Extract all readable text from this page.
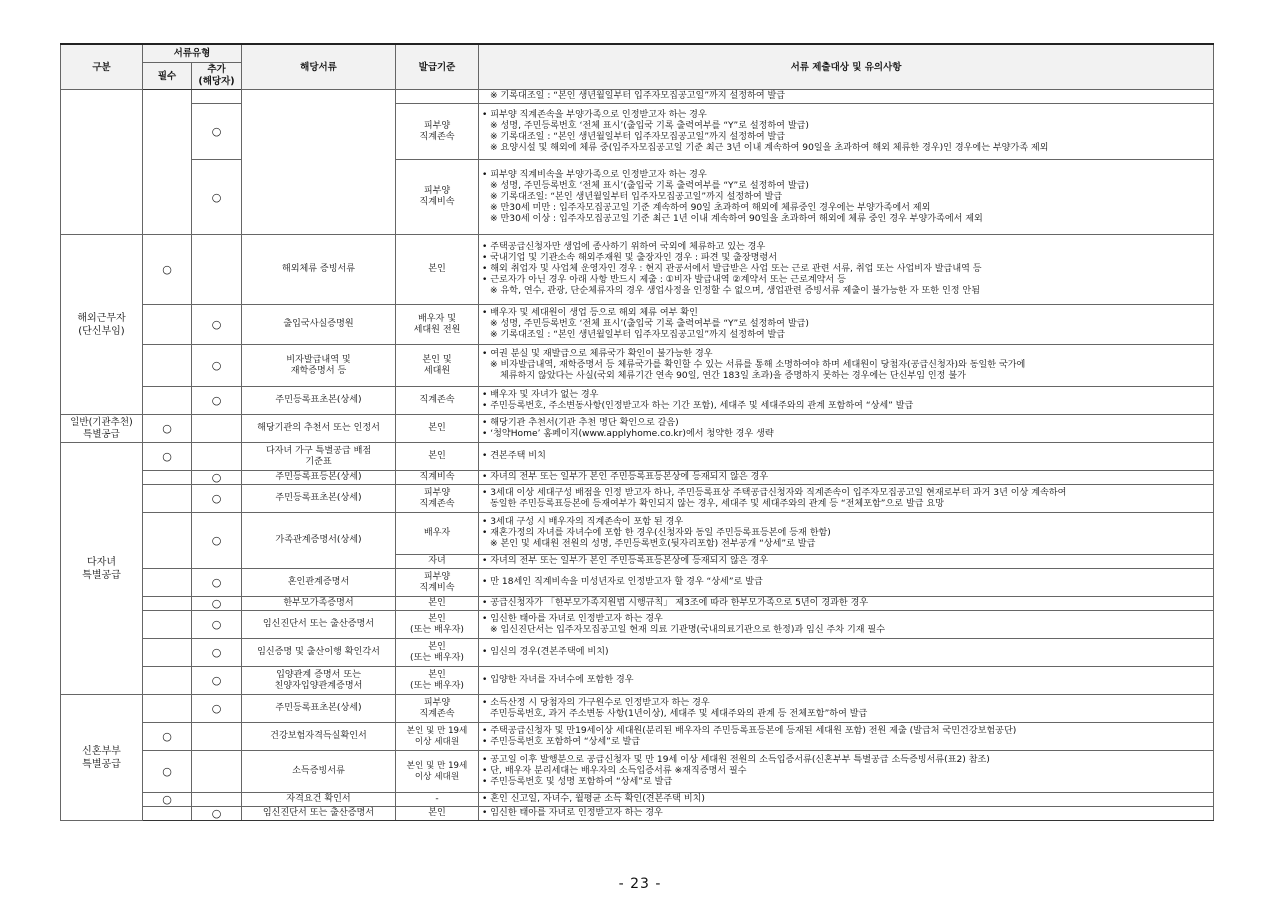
구분	서류유형		해당서류	발급기준	서류 제출대상 및 유의사항
	필수	추가
(해당자)			

					※ 기록대조일 : “본인 생년월일부터 입주자모집공고일”까지 설정하여 발급

		○		피부양
직계존속	• 피부양 직계존속을 부양가족으로 인정받고자 하는 경우
※ 성명, 주민등록번호 ‘전체 표시’(출입국 기록 출력여부를 “Y”로 설정하여 발급)
※ 기록대조일 : “본인 생년월일부터 입주자모집공고일”까지 설정하여 발급
※ 요양시설 및 해외에 체류 중(입주자모집공고일 기준 최근 3년 이내 계속하여 90일을 초과하여 해외 체류한 경우)인 경우에는 부양가족 제외

		○		피부양
직계비속	• 피부양 직계비속을 부양가족으로 인정받고자 하는 경우
※ 성명, 주민등록번호 ‘전체 표시’(출입국 기록 출력여부를 “Y”로 설정하여 발급)
※ 기록대조일: “본인 생년월일부터 입주자모집공고일”까지 설정하여 발급
※ 만30세 미만 : 입주자모집공고일 기준 계속하여 90일 초과하여 해외에 체류중인 경우에는 부양가족에서 제외
※ 만30세 이상 : 입주자모집공고일 기준 최근 1년 이내 계속하여 90일을 초과하여 해외에 체류 중인 경우 부양가족에서 제외

해외근무자
(단신부임)	○		해외체류 증빙서류	본인	• 주택공급신청자만 생업에 종사하기 위하여 국외에 체류하고 있는 경우
• 국내기업 및 기관소속 해외주재원 및 출장자인 경우 : 파견 및 출장명령서
• 해외 취업자 및 사업체 운영자인 경우 : 현지 관공서에서 발급받은 사업 또는 근로 관련 서류, 취업 또는 사업비자 발급내역 등
• 근로자가 아닌 경우 아래 사항 반드시 제출 : ①비자 발급내역 ②계약서 또는 근로계약서 등
※ 유학, 연수, 관광, 단순체류자의 경우 생업사정을 인정할 수 없으며, 생업관련 증빙서류 제출이 불가능한 자 또한 인정 안됨

		○	출입국사실증명원	배우자 및
세대원 전원	• 배우자 및 세대원이 생업 등으로 해외 체류 여부 확인
※ 성명, 주민등록번호 ‘전체 표시’(출입국 기록 출력여부를 “Y”로 설정하여 발급)
※ 기록대조일 : “본인 생년월일부터 입주자모집공고일”까지 설정하여 발급

		○	비자발급내역 및
재학증명서 등	본인 및
세대원	• 여권 분실 및 재발급으로 체류국가 확인이 불가능한 경우
※ 비자발급내역, 재학증명서 등 체류국가를 확인할 수 있는 서류를 통해 소명하여야 하며 세대원이 당첨자(공급신청자)와 동일한 국가에
체류하지 않았다는 사실(국외 체류기간 연속 90일, 연간 183일 초과)을 증명하지 못하는 경우에는 단신부임 인정 불가

		○	주민등록표초본(상세)	직계존속	• 배우자 및 자녀가 없는 경우
• 주민등록번호, 주소변동사항(인정받고자 하는 기간 포함), 세대주 및 세대주와의 관계 포함하여 “상세” 발급

일반(기관추천)
특별공급	○		해당기관의 추천서 또는 인정서	본인	• 해당기관 추천서(기관 추천 명단 확인으로 갈음)
• ‘청약Home’ 홈페이지(www.applyhome.co.kr)에서 청약한 경우 생략

다자녀
특별공급	○		다자녀 가구 특별공급 배점
기준표	본인	• 견본주택 비치

		○	주민등록표등본(상세)	직계비속	• 자녀의 전부 또는 일부가 본인 주민등록표등본상에 등재되지 않은 경우

		○	주민등록표초본(상세)	피부양
직계존속	• 3세대 이상 세대구성 배점을 인정 받고자 하나, 주민등록표상 주택공급신청자와 직계존속이 입주자모집공고일 현재로부터 과거 3년 이상 계속하여
동일한 주민등록표등본에 등재여부가 확인되지 않는 경우, 세대주 및 세대주와의 관계 등 “전체포함”으로 발급 요망

		○	가족관계증명서(상세)	배우자	• 3세대 구성 시 배우자의 직계존속이 포함 된 경우
• 재혼가정의 자녀를 자녀수에 포함 한 경우(신청자와 동일 주민등록표등본에 등재 한함)
※ 본인 및 세대원 전원의 성명, 주민등록번호(뒷자리포함) 전부공개 “상세”로 발급

				자녀	• 자녀의 전부 또는 일부가 본인 주민등록표등본상에 등재되지 않은 경우

		○	혼인관계증명서	피부양
직계비속	• 만 18세인 직계비속을 미성년자로 인정받고자 할 경우 “상세”로 발급

		○	한부모가족증명서	본인	• 공급신청자가 「한부모가족지원법 시행규칙」 제3조에 따라 한부모가족으로 5년이 경과한 경우

		○	임신진단서 또는 출산증명서	본인
(또는 배우자)	• 임신한 태아를 자녀로 인정받고자 하는 경우
※ 임신진단서는 입주자모집공고일 현재 의료 기관명(국내의료기관으로 한정)과 임신 주차 기재 필수

		○	임신증명 및 출산이행 확인각서	본인
(또는 배우자)	• 임신의 경우(견본주택에 비치)

		○	입양관계 증명서 또는
친양자입양관계증명서	본인
(또는 배우자)	• 입양한 자녀를 자녀수에 포함한 경우

신혼부부
특별공급		○	주민등록표초본(상세)	피부양
직계존속	• 소득산정 시 당첨자의 가구원수로 인정받고자 하는 경우
주민등록번호, 과거 주소변동 사항(1년이상), 세대주 및 세대주와의 관계 등 전체포함”하여 발급

	○		건강보험자격득실확인서	본인 및 만 19세
이상 세대원	• 주택공급신청자 및 만19세이상 세대원(분리된 배우자의 주민등록표등본에 등재된 세대원 포함) 전원 제출 (발급처 국민건강보험공단)
• 주민등록번호 포함하여 “상세”로 발급

	○		소득증빙서류	본인 및 만 19세
이상 세대원	• 공고일 이후 발행분으로 공급신청자 및 만 19세 이상 세대원 전원의 소득입증서류(신혼부부 특별공급 소득증빙서류(표2) 참조)
• 단, 배우자 분리세대는 배우자의 소득입증서류 ※재직증명서 필수
• 주민등록번호 및 성명 포함하여 “상세”로 발급

	○		자격요건 확인서	-	• 혼인 신고일, 자녀수, 월평균 소득 확인(견본주택 비치)

		○	임신진단서 또는 출산증명서	본인	• 임신한 태아를 자녀로 인정받고자 하는 경우
- 23 -
